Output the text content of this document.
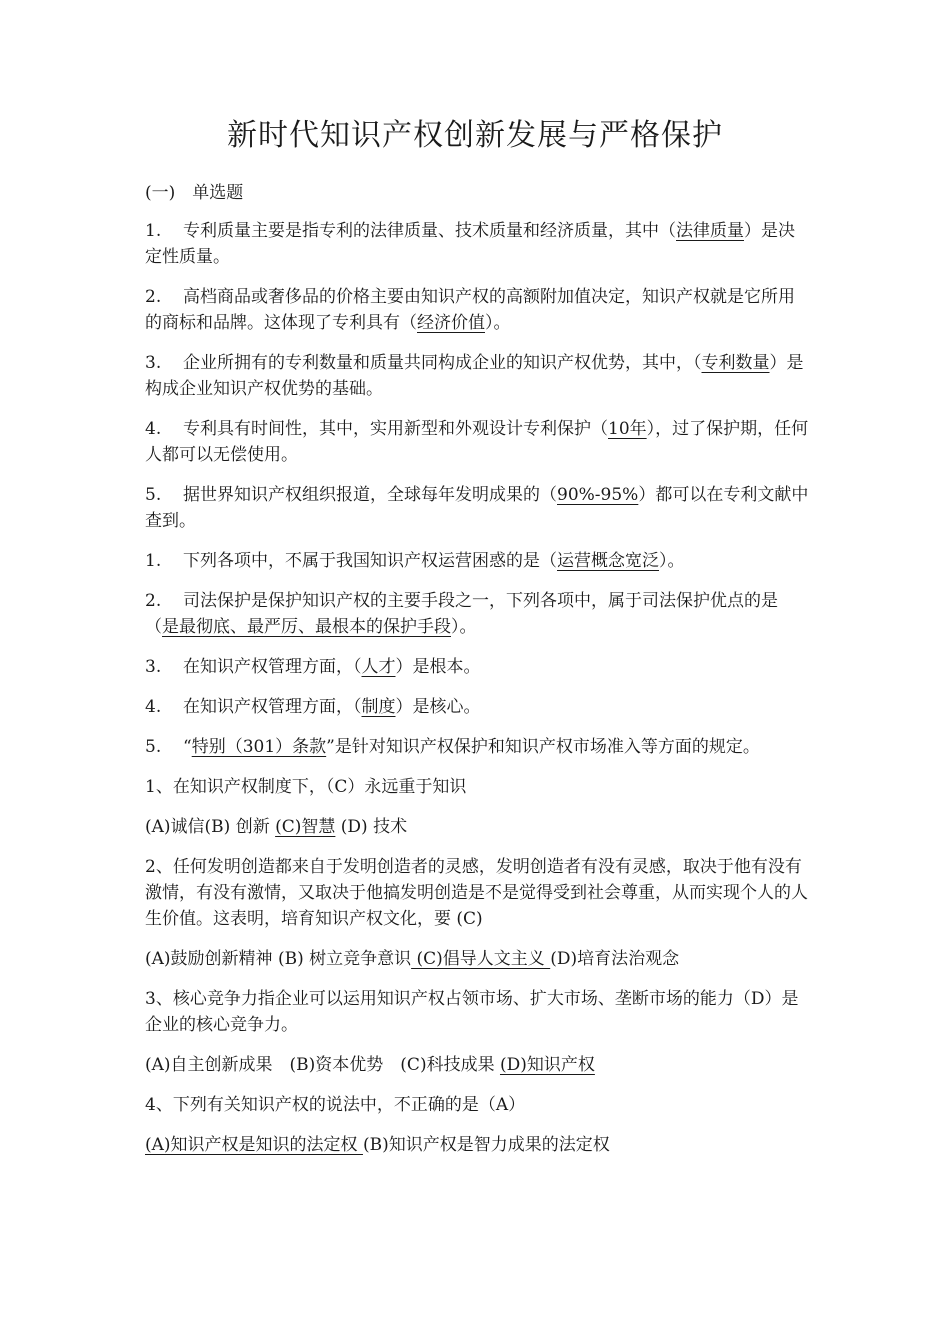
新时代知识产权创新发展与严格保护
(一)　单选题
1. 专利质量主要是指专利的法律质量、技术质量和经济质量，其中（法律质量）是决定性质量。
2. 高档商品或奢侈品的价格主要由知识产权的高额附加值决定，知识产权就是它所用的商标和品牌。这体现了专利具有（经济价值）。
3. 企业所拥有的专利数量和质量共同构成企业的知识产权优势，其中，（专利数量）是构成企业知识产权优势的基础。
4. 专利具有时间性，其中，实用新型和外观设计专利保护（10年），过了保护期，任何人都可以无偿使用。
5. 据世界知识产权组织报道，全球每年发明成果的（90%-95%）都可以在专利文献中查到。
1. 下列各项中，不属于我国知识产权运营困惑的是（运营概念宽泛）。
2. 司法保护是保护知识产权的主要手段之一，下列各项中，属于司法保护优点的是（是最彻底、最严厉、最根本的保护手段）。
3. 在知识产权管理方面，（人才）是根本。
4. 在知识产权管理方面，（制度）是核心。
5. “特别（301）条款”是针对知识产权保护和知识产权市场准入等方面的规定。
1、在知识产权制度下，（C）永远重于知识
(A)诚信(B) 创新 (C)智慧 (D) 技术
2、任何发明创造都来自于发明创造者的灵感，发明创造者有没有灵感，取决于他有没有激情，有没有激情，又取决于他搞发明创造是不是觉得受到社会尊重，从而实现个人的人生价值。这表明，培育知识产权文化，要 (C)
(A)鼓励创新精神 (B) 树立竞争意识 (C)倡导人文主义 (D)培育法治观念
3、核心竞争力指企业可以运用知识产权占领市场、扩大市场、垄断市场的能力（D）是企业的核心竞争力。
(A)自主创新成果　(B)资本优势　(C)科技成果 (D)知识产权
4、下列有关知识产权的说法中，不正确的是（A）
(A)知识产权是知识的法定权 (B)知识产权是智力成果的法定权
